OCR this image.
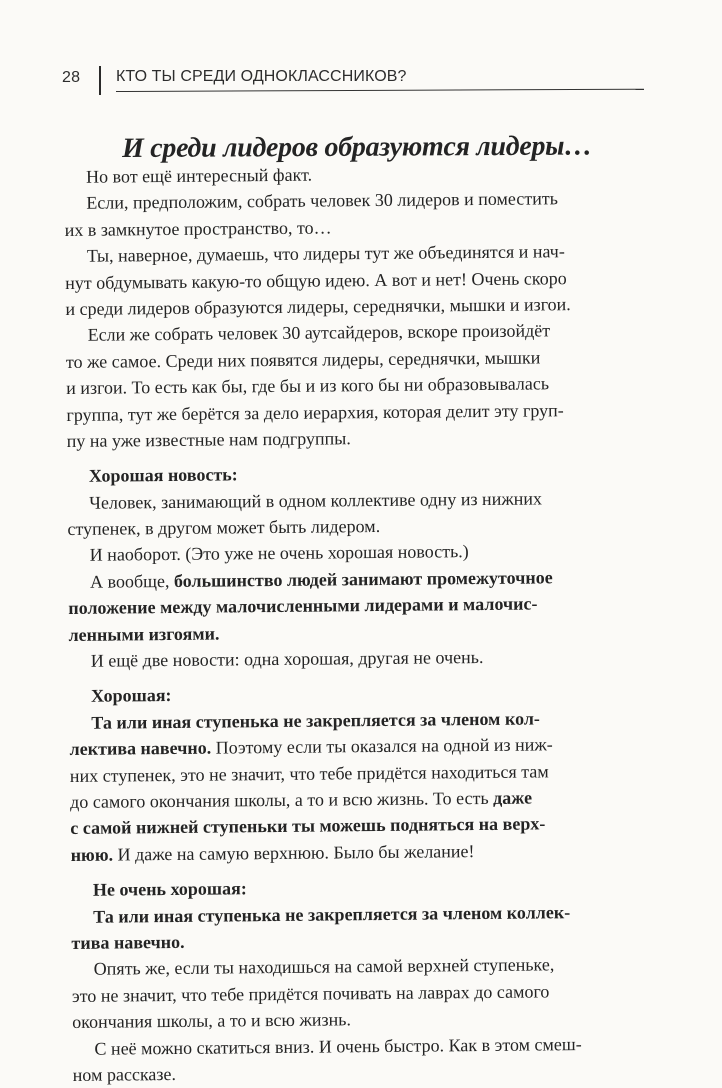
28 КТО ТЫ СРЕДИ ОДНОКЛАССНИКОВ?
И среди лидеров образуются лидеры…
Но вот ещё интересный факт.
Если, предположим, собрать человек 30 лидеров и поместить
их в замкнутое пространство, то…
Ты, наверное, думаешь, что лидеры тут же объединятся и нач-
нут обдумывать какую-то общую идею. А вот и нет! Очень скоро
и среди лидеров образуются лидеры, середнячки, мышки и изгои.
Если же собрать человек 30 аутсайдеров, вскоре произойдёт
то же самое. Среди них появятся лидеры, середнячки, мышки
и изгои. То есть как бы, где бы и из кого бы ни образовывалась
группа, тут же берётся за дело иерархия, которая делит эту груп-
пу на уже известные нам подгруппы.
Хорошая новость:
Человек, занимающий в одном коллективе одну из нижних
ступенек, в другом может быть лидером.
И наоборот. (Это уже не очень хорошая новость.)
А вообще, большинство людей занимают промежуточное
положение между малочисленными лидерами и малочис-
ленными изгоями.
И ещё две новости: одна хорошая, другая не очень.
Хорошая:
Та или иная ступенька не закрепляется за членом кол-
лектива навечно. Поэтому если ты оказался на одной из ниж-
них ступенек, это не значит, что тебе придётся находиться там
до самого окончания школы, а то и всю жизнь. То есть даже
с самой нижней ступеньки ты можешь подняться на верх-
нюю. И даже на самую верхнюю. Было бы желание!
Не очень хорошая:
Та или иная ступенька не закрепляется за членом коллек-
тива навечно.
Опять же, если ты находишься на самой верхней ступеньке,
это не значит, что тебе придётся почивать на лаврах до самого
окончания школы, а то и всю жизнь.
С неё можно скатиться вниз. И очень быстро. Как в этом смеш-
ном рассказе.
